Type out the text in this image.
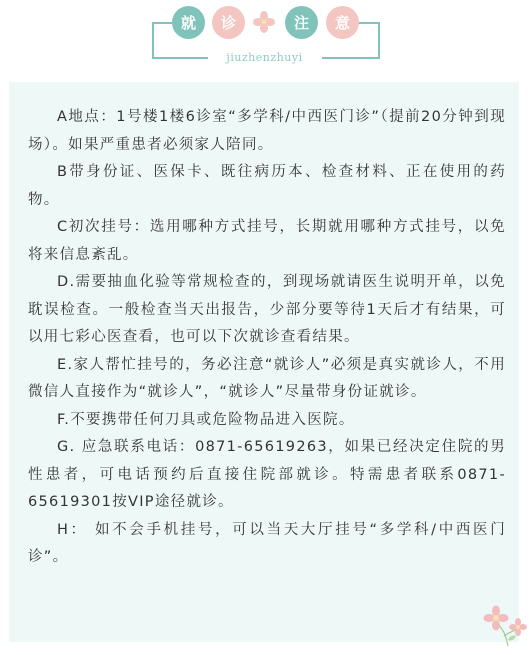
就	诊	注	意
jiuzhenzhuyi

A地点：1号楼1楼6诊室“多学科/中西医门诊”（提前20分钟到现场）。如果严重患者必须家人陪同。

B带身份证、医保卡、既往病历本、检查材料、正在使用的药物。

C初次挂号：选用哪种方式挂号，长期就用哪种方式挂号，以免将来信息紊乱。

D.需要抽血化验等常规检查的，到现场就请医生说明开单，以免耽误检查。一般检查当天出报告，少部分要等待1天后才有结果，可以用七彩心医查看，也可以下次就诊查看结果。

E.家人帮忙挂号的，务必注意“就诊人”必须是真实就诊人，不用微信人直接作为“就诊人”，“就诊人”尽量带身份证就诊。

F.不要携带任何刀具或危险物品进入医院。

G. 应急联系电话：0871-65619263，如果已经决定住院的男性患者，可电话预约后直接住院部就诊。特需患者联系0871-65619301按VIP途径就诊。

H： 如不会手机挂号，可以当天大厅挂号“多学科/中西医门诊”。
